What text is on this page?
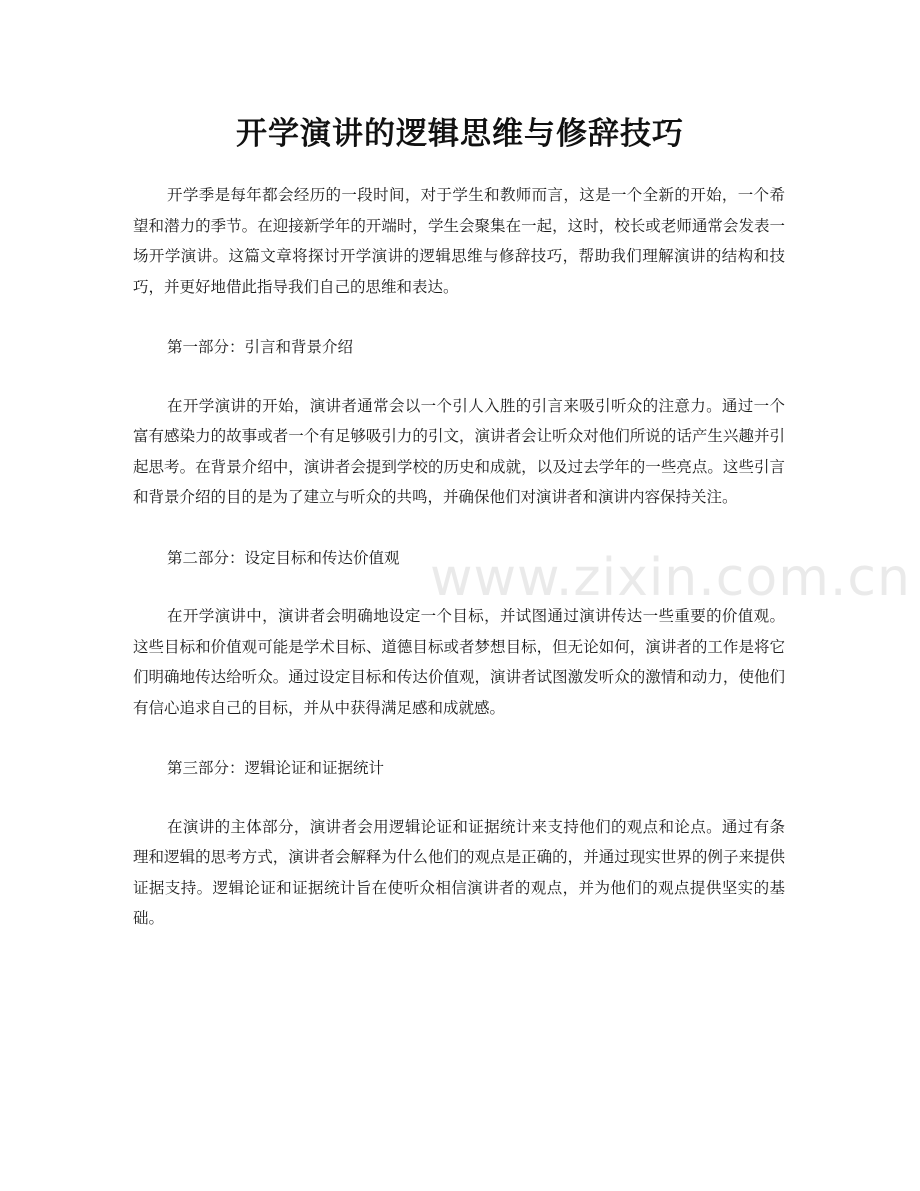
开学演讲的逻辑思维与修辞技巧

开学季是每年都会经历的一段时间，对于学生和教师而言，这是一个全新的开始，一个希望和潜力的季节。在迎接新学年的开端时，学生会聚集在一起，这时，校长或老师通常会发表一场开学演讲。这篇文章将探讨开学演讲的逻辑思维与修辞技巧，帮助我们理解演讲的结构和技巧，并更好地借此指导我们自己的思维和表达。

第一部分：引言和背景介绍

在开学演讲的开始，演讲者通常会以一个引人入胜的引言来吸引听众的注意力。通过一个富有感染力的故事或者一个有足够吸引力的引文，演讲者会让听众对他们所说的话产生兴趣并引起思考。在背景介绍中，演讲者会提到学校的历史和成就，以及过去学年的一些亮点。这些引言和背景介绍的目的是为了建立与听众的共鸣，并确保他们对演讲者和演讲内容保持关注。

第二部分：设定目标和传达价值观

在开学演讲中，演讲者会明确地设定一个目标，并试图通过演讲传达一些重要的价值观。这些目标和价值观可能是学术目标、道德目标或者梦想目标，但无论如何，演讲者的工作是将它们明确地传达给听众。通过设定目标和传达价值观，演讲者试图激发听众的激情和动力，使他们有信心追求自己的目标，并从中获得满足感和成就感。

第三部分：逻辑论证和证据统计

在演讲的主体部分，演讲者会用逻辑论证和证据统计来支持他们的观点和论点。通过有条理和逻辑的思考方式，演讲者会解释为什么他们的观点是正确的，并通过现实世界的例子来提供证据支持。逻辑论证和证据统计旨在使听众相信演讲者的观点，并为他们的观点提供坚实的基础。

www.zixin.com.cn
